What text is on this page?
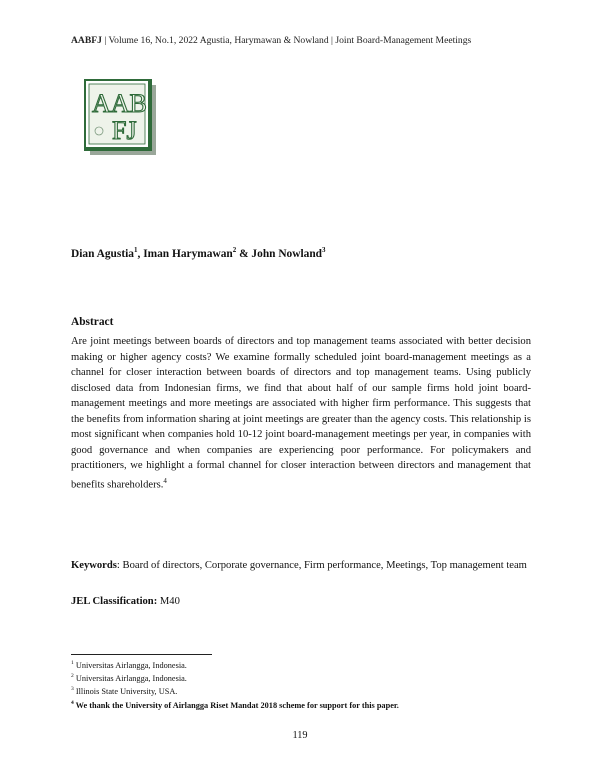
AABFJ | Volume 16, No.1, 2022 Agustia, Harymawan & Nowland | Joint Board-Management Meetings
AAB
FJ
Dian Agustia$^1$, Iman Harymawan$^2$ & John Nowland$^3$
Abstract

Are joint meetings between boards of directors and top management teams associated with better decision making or higher agency costs? We examine formally scheduled joint board-management meetings as a channel for closer interaction between boards of directors and top management teams. Using publicly disclosed data from Indonesian firms, we find that about half of our sample firms hold joint board-management meetings and more meetings are associated with higher firm performance. This suggests that the benefits from information sharing at joint meetings are greater than the agency costs. This relationship is most significant when companies hold 10-12 joint board-management meetings per year, in companies with good governance and when companies are experiencing poor performance. For policymakers and practitioners, we highlight a formal channel for closer interaction between directors and management that benefits shareholders.$^4$

Keywords: Board of directors, Corporate governance, Firm performance, Meetings, Top management team

JEL Classification: M40
$^1$ Universitas Airlangga, Indonesia.
$^2$ Universitas Airlangga, Indonesia.
$^3$ Illinois State University, USA.
$^4$ We thank the University of Airlangga Riset Mandat 2018 scheme for support for this paper.
119
